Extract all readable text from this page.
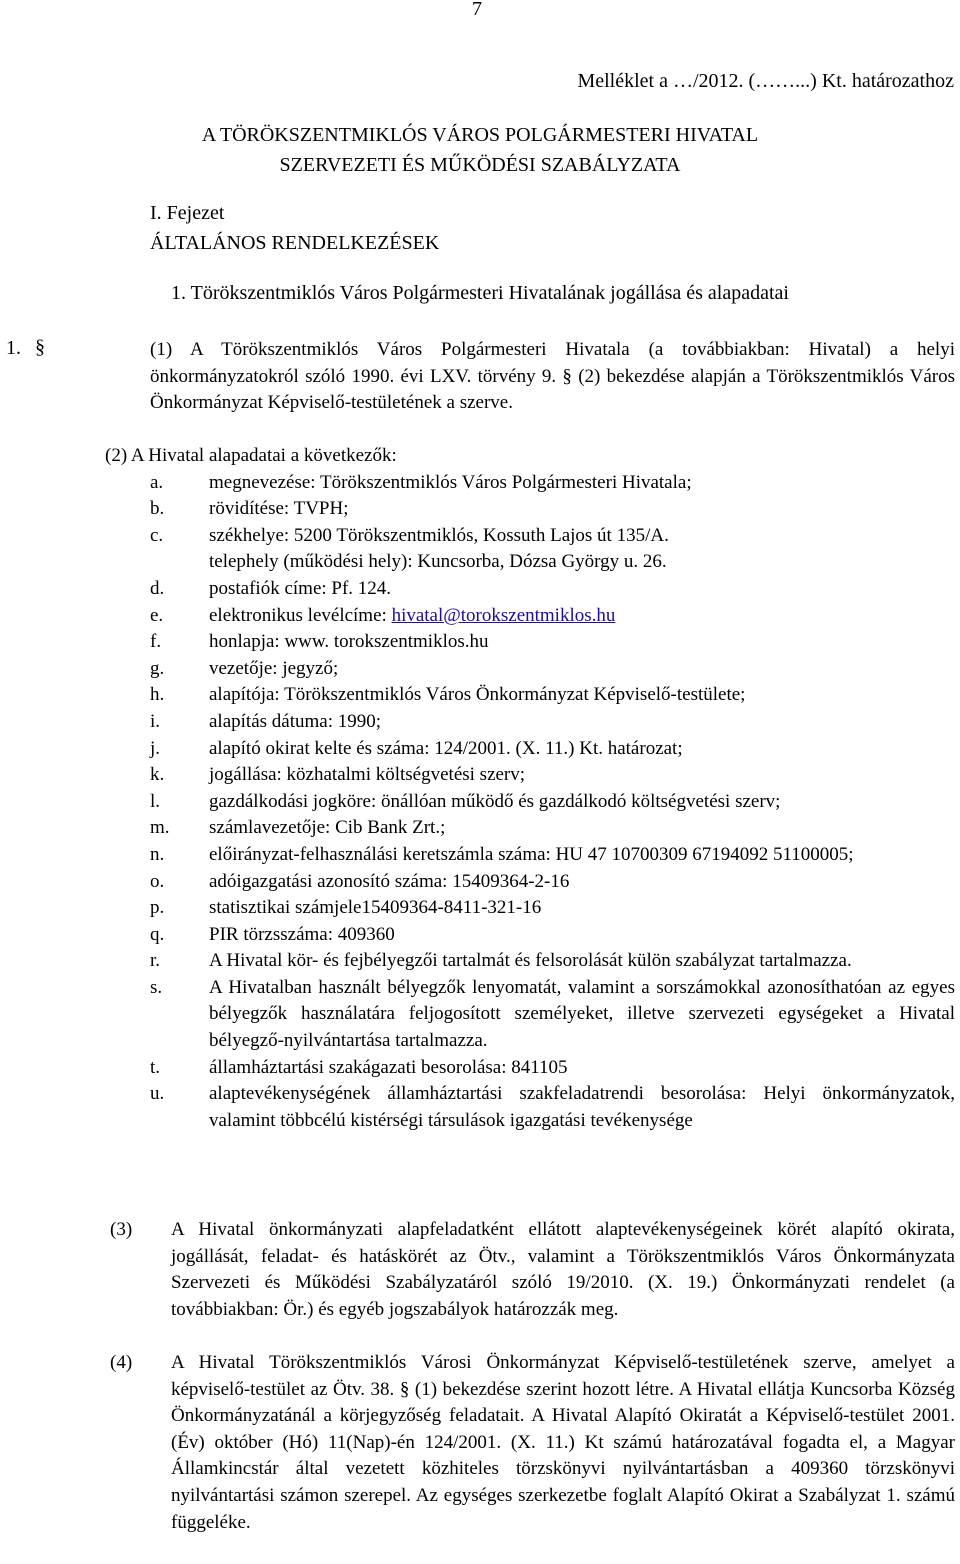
7
Melléklet a …/2012. (……...) Kt. határozathoz
A TÖRÖKSZENTMIKLÓS VÁROS POLGÁRMESTERI HIVATAL
SZERVEZETI ÉS MŰKÖDÉSI SZABÁLYZATA
I. Fejezet
ÁLTALÁNOS RENDELKEZÉSEK
1. Törökszentmiklós Város Polgármesteri Hivatalának jogállása és alapadatai
1. §	(1) A Törökszentmiklós Város Polgármesteri Hivatala (a továbbiakban: Hivatal) a helyi önkormányzatokról szóló 1990. évi LXV. törvény 9. § (2) bekezdése alapján a Törökszentmiklós Város Önkormányzat Képviselő-testületének a szerve.
(2) A Hivatal alapadatai a következők:
a.	megnevezése: Törökszentmiklós Város Polgármesteri Hivatala;
b.	rövidítése: TVPH;
c.	székhelye: 5200 Törökszentmiklós, Kossuth Lajos út 135/A.
telephely (működési hely): Kuncsorba, Dózsa György u. 26.
d.	postafiók címe: Pf. 124.
e.	elektronikus levélcíme: hivatal@torokszentmiklos.hu
f.	honlapja: www. torokszentmiklos.hu
g.	vezetője: jegyző;
h.	alapítója: Törökszentmiklós Város Önkormányzat Képviselő-testülete;
i.	alapítás dátuma: 1990;
j.	alapító okirat kelte és száma: 124/2001. (X. 11.) Kt. határozat;
k.	jogállása: közhatalmi költségvetési szerv;
l.	gazdálkodási jogköre: önállóan működő és gazdálkodó költségvetési szerv;
m.	számlavezetője: Cib Bank Zrt.;
n.	előirányzat-felhasználási keretszámla száma: HU 47 10700309 67194092 51100005;
o.	adóigazgatási azonosító száma: 15409364-2-16
p.	statisztikai számjele15409364-8411-321-16
q.	PIR törzsszáma: 409360
r.	A Hivatal kör- és fejbélyegzői tartalmát és felsorolását külön szabályzat tartalmazza.
s.	A Hivatalban használt bélyegzők lenyomatát, valamint a sorszámokkal azonosíthatóan az egyes bélyegzők használatára feljogosított személyeket, illetve szervezeti egységeket a Hivatal bélyegző-nyilvántartása tartalmazza.
t.	államháztartási szakágazati besorolása: 841105
u.	alaptevékenységének államháztartási szakfeladatrendi besorolása: Helyi önkormányzatok, valamint többcélú kistérségi társulások igazgatási tevékenysége
(3)	A Hivatal önkormányzati alapfeladatként ellátott alaptevékenységeinek körét alapító okirata, jogállását, feladat- és hatáskörét az Ötv., valamint a Törökszentmiklós Város Önkormányzata Szervezeti és Működési Szabályzatáról szóló 19/2010. (X. 19.) Önkormányzati rendelet (a továbbiakban: Ör.) és egyéb jogszabályok határozzák meg.
(4)	A Hivatal Törökszentmiklós Városi Önkormányzat Képviselő-testületének szerve, amelyet a képviselő-testület az Ötv. 38. § (1) bekezdése szerint hozott létre. A Hivatal ellátja Kuncsorba Község Önkormányzatánál a körjegyzőség feladatait. A Hivatal Alapító Okiratát a Képviselő-testület 2001. (Év) október (Hó) 11(Nap)-én 124/2001. (X. 11.) Kt számú határozatával fogadta el, a Magyar Államkincstár által vezetett közhiteles törzskönyvi nyilvántartásban a 409360 törzskönyvi nyilvántartási számon szerepel. Az egységes szerkezetbe foglalt Alapító Okirat a Szabályzat 1. számú függeléke.
